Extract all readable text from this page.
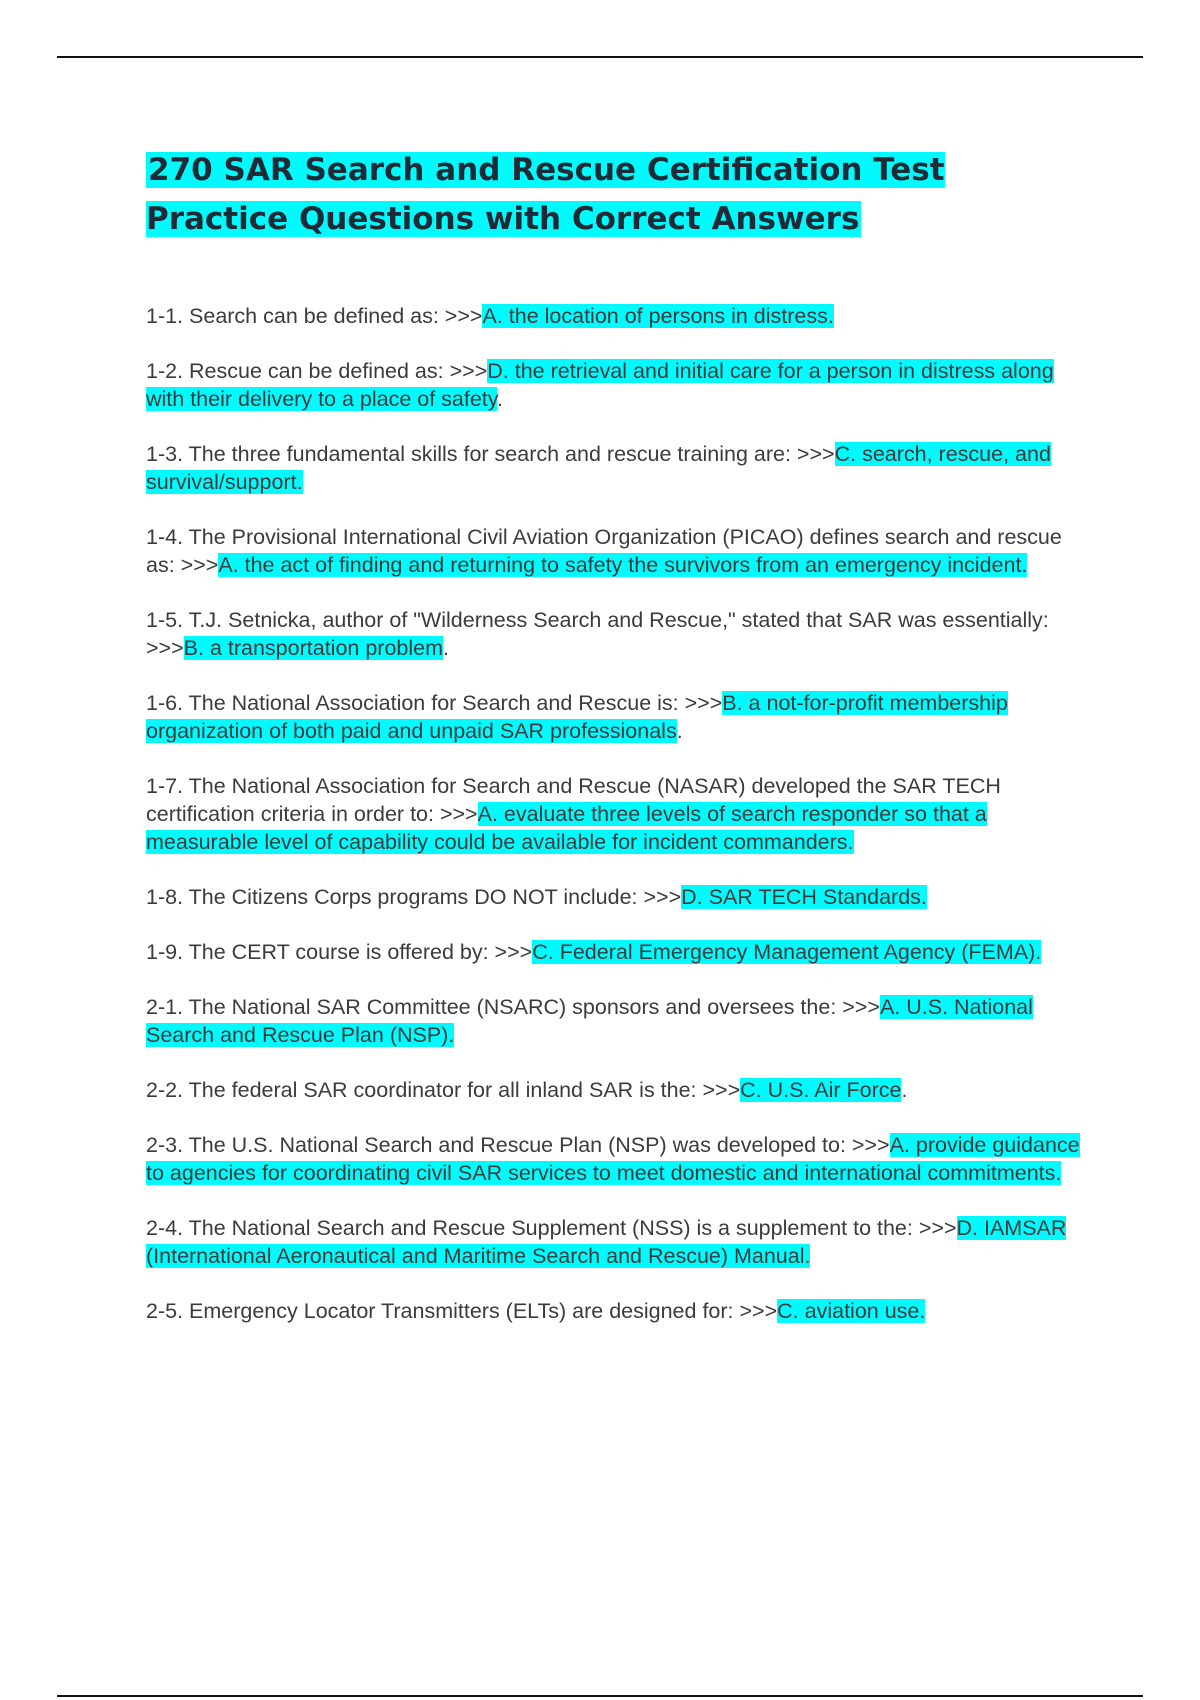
270 SAR Search and Rescue Certification Test Practice Questions with Correct Answers

1-1. Search can be defined as: >>>A. the location of persons in distress.

1-2. Rescue can be defined as: >>>D. the retrieval and initial care for a person in distress along with their delivery to a place of safety.

1-3. The three fundamental skills for search and rescue training are: >>>C. search, rescue, and survival/support.

1-4. The Provisional International Civil Aviation Organization (PICAO) defines search and rescue as: >>>A. the act of finding and returning to safety the survivors from an emergency incident.

1-5. T.J. Setnicka, author of "Wilderness Search and Rescue," stated that SAR was essentially: >>>B. a transportation problem.

1-6. The National Association for Search and Rescue is: >>>B. a not-for-profit membership organization of both paid and unpaid SAR professionals.

1-7. The National Association for Search and Rescue (NASAR) developed the SAR TECH certification criteria in order to: >>>A. evaluate three levels of search responder so that a measurable level of capability could be available for incident commanders.

1-8. The Citizens Corps programs DO NOT include: >>>D. SAR TECH Standards.

1-9. The CERT course is offered by: >>>C. Federal Emergency Management Agency (FEMA).

2-1. The National SAR Committee (NSARC) sponsors and oversees the: >>>A. U.S. National Search and Rescue Plan (NSP).

2-2. The federal SAR coordinator for all inland SAR is the: >>>C. U.S. Air Force.

2-3. The U.S. National Search and Rescue Plan (NSP) was developed to: >>>A. provide guidance to agencies for coordinating civil SAR services to meet domestic and international commitments.

2-4. The National Search and Rescue Supplement (NSS) is a supplement to the: >>>D. IAMSAR (International Aeronautical and Maritime Search and Rescue) Manual.

2-5. Emergency Locator Transmitters (ELTs) are designed for: >>>C. aviation use.
